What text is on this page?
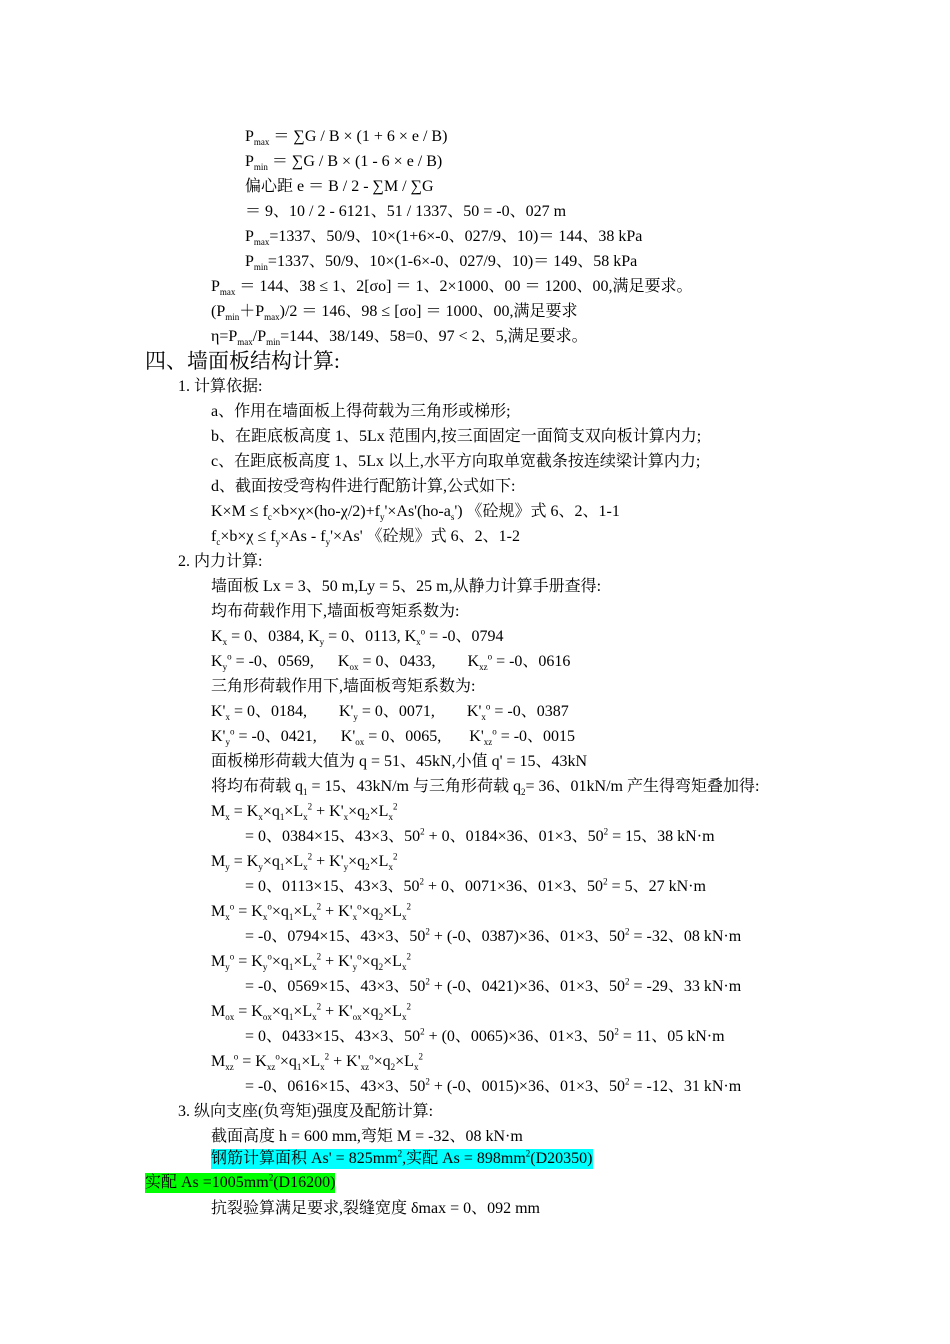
$P_{max} = \sum G / B \times (1 + 6 \times e / B)$
$P_{min} = \sum G / B \times (1 - 6 \times e / B)$
偏心距 e ＝ B / 2 - ∑M / ∑G
＝ 9、10 / 2 - 6121、51 / 1337、50 = -0、027 m
$P_{max}=1337$、50/9、10×(1+6×-0、027/9、10)＝ 144、38 kPa
$P_{min}=1337$、50/9、10×(1-6×-0、027/9、10)＝ 149、58 kPa
$P_{max} = 144$、38 ≤ 1、2[σo] ＝ 1、2×1000、00 ＝ 1200、00,满足要求。
$(P_{min}+P_{max})/2 = 146$、98 ≤ [σo] ＝ 1000、00,满足要求
$\eta=P_{max}/P_{min}=144$、38/149、58=0、97 < 2、5,满足要求。
四、墙面板结构计算:
1. 计算依据:
a、作用在墙面板上得荷载为三角形或梯形;
b、在距底板高度 1、5Lx 范围内,按三面固定一面简支双向板计算内力;
c、在距底板高度 1、5Lx 以上,水平方向取单宽截条按连续梁计算内力;
d、截面按受弯构件进行配筋计算,公式如下:
$K\times M \le f_c\times b\times\chi\times(ho-\chi/2)+f_y'\times As'(ho-a_s')$ 《砼规》式 6、2、1-1
$f_c\times b\times\chi \le f_y\times As - f_y'\times As'$ 《砼规》式 6、2、1-2
2. 内力计算:
墙面板 Lx = 3、50 m,Ly = 5、25 m,从静力计算手册查得:
均布荷载作用下,墙面板弯矩系数为:
$K_x = 0$、0384, $K_y = 0$、0113, $K_x^o = -0$、0794
$K_y^o = -0$、0569,      $K_{ox} = 0$、0433,        $K_{xz}^o = -0$、0616
三角形荷载作用下,墙面板弯矩系数为:
$K'_x = 0$、0184,        $K'_y = 0$、0071,        $K'_x^o = -0$、0387
$K'_y^o = -0$、0421,      $K'_{ox} = 0$、0065,       $K'_{xz}^o = -0$、0015
面板梯形荷载大值为 q = 51、45kN,小值 q' = 15、43kN
将均布荷载 $q_1 = 15$、43kN/m 与三角形荷载 $q_2= 36$、01kN/m 产生得弯矩叠加得:
$M_x = K_x\times q_1\times L_x^2 + K'_x\times q_2\times L_x^2$
= 0、0384×15、43×3、$50^2 + 0$、0184×36、01×3、$50^2 = 15$、38 kN·m
$M_y = K_y\times q_1\times L_x^2 + K'_y\times q_2\times L_x^2$
= 0、0113×15、43×3、$50^2 + 0$、0071×36、01×3、$50^2 = 5$、27 kN·m
$M_x^o = K_x^o\times q_1\times L_x^2 + K'_x^o\times q_2\times L_x^2$
= -0、0794×15、43×3、$50^2 + (-0$、0387)×36、01×3、$50^2 = -32$、08 kN·m
$M_y^o = K_y^o\times q_1\times L_x^2 + K'_y^o\times q_2\times L_x^2$
= -0、0569×15、43×3、$50^2 + (-0$、0421)×36、01×3、$50^2 = -29$、33 kN·m
$M_{ox} = K_{ox}\times q_1\times L_x^2 + K'_{ox}\times q_2\times L_x^2$
= 0、0433×15、43×3、$50^2 + (0$、0065)×36、01×3、$50^2 = 11$、05 kN·m
$M_{xz}^o = K_{xz}^o\times q_1\times L_x^2 + K'_{xz}^o\times q_2\times L_x^2$
= -0、0616×15、43×3、$50^2 + (-0$、0015)×36、01×3、$50^2 = -12$、31 kN·m
3. 纵向支座(负弯矩)强度及配筋计算:
截面高度 h = 600 mm,弯矩 M = -32、08 kN·m
钢筋计算面积 $As' = 825mm^2$,实配 $As = 898mm^2(D20350)$
实配 $As =1005mm^2(D16200)$
抗裂验算满足要求,裂缝宽度 δmax = 0、092 mm
